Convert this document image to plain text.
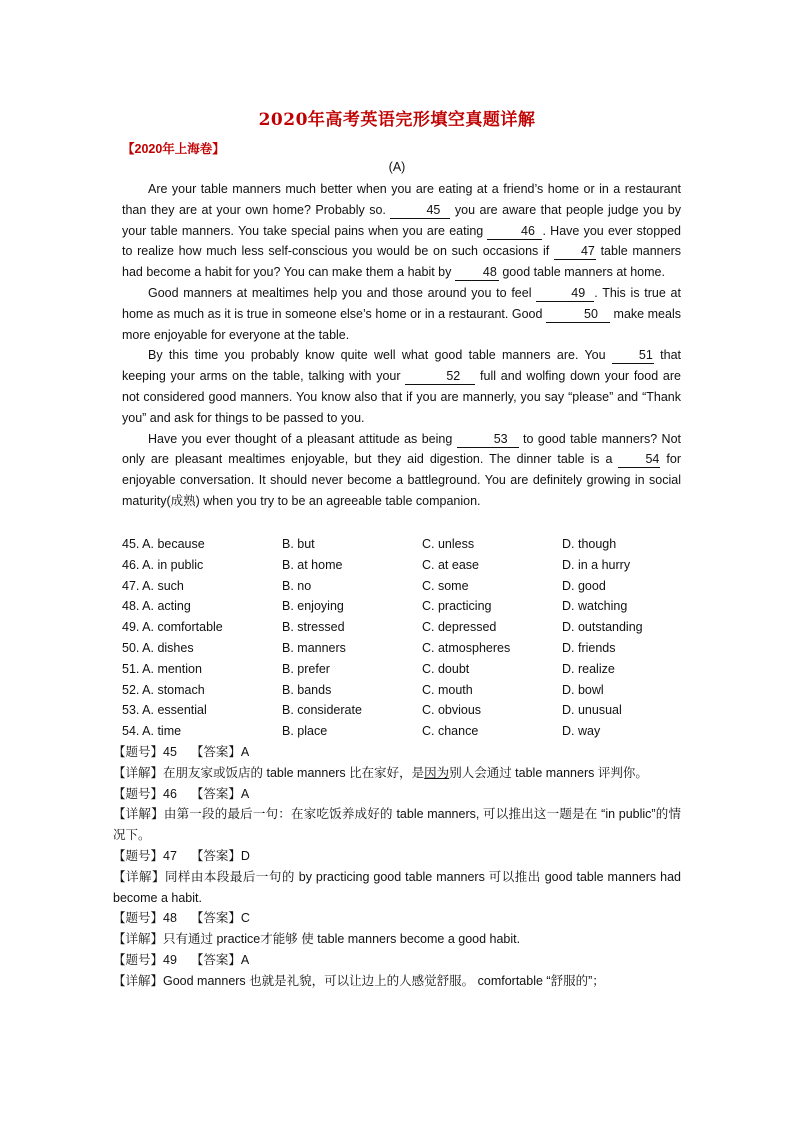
2020年高考英语完形填空真题详解
【2020年上海卷】
(A)

Are your table manners much better when you are eating at a friend’s home or in a restaurant than they are at your own home? Probably so.	45 you are aware that people judge you by your table manners. You take special pains when you are eating	46 . Have you ever stopped to realize how much less self-conscious you would be on such occasions if 47 table manners had become a habit for you? You can make them a habit by 48 good table manners at home.

Good manners at mealtimes help you and those around you to feel	49 . This is true at home as much as it is true in someone else’s home or in a restaurant. Good	50 make meals more enjoyable for everyone at the table.

By this time you probably know quite well what good table manners are. You 51 that keeping your arms on the table, talking with your	52 full and wolfing down your food are not considered good manners. You know also that if you are mannerly, you say “please” and “Thank you” and ask for things to be passed to you.

Have you ever thought of a pleasant attitude as being	53 to good table manners? Not only are pleasant mealtimes enjoyable, but they aid digestion. The dinner table is a 54 for enjoyable conversation. It should never become a battleground. You are definitely growing in social maturity(成熟) when you try to be an agreeable table companion.

45. A. because	B. but	C. unless	D. though
46. A. in public	B. at home	C. at ease	D. in a hurry
47. A. such	B. no	C. some	D. good
48. A. acting	B. enjoying	C. practicing	D. watching
49. A. comfortable	B. stressed	C. depressed	D. outstanding
50. A. dishes	B. manners	C. atmospheres	D. friends
51. A. mention	B. prefer	C. doubt	D. realize
52. A. stomach	B. bands	C. mouth	D. bowl
53. A. essential	B. considerate	C. obvious	D. unusual
54. A. time	B. place	C. chance	D. way

【题号】45 【答案】A

【详解】在朋友家或饭店的 table manners 比在家好，是因为别人会通过 table manners 评判你。

【题号】46 【答案】A

【详解】由第一段的最后一句：在家吃饭养成好的 table manners, 可以推出这一题是在 “in public”的情况下。

【题号】47 【答案】D

【详解】同样由本段最后一句的 by practicing good table manners 可以推出 good table manners had become a habit.

【题号】48 【答案】C

【详解】只有通过 practice才能够 使 table manners become a good habit.

【题号】49 【答案】A

【详解】Good manners 也就是礼貌，可以让边上的人感觉舒服。 comfortable “舒服的”；
